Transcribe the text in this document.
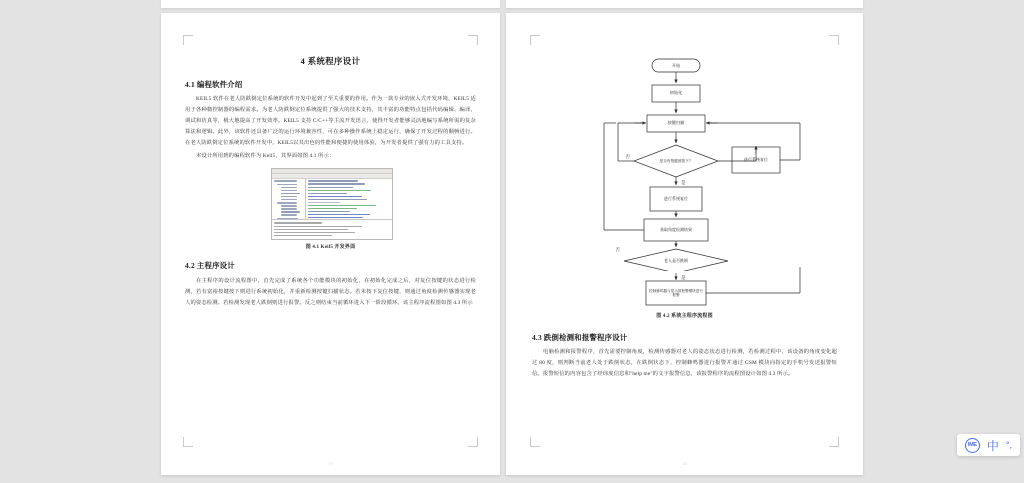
4 系统程序设计
4.1 编程软件介绍

KEIL5 软件在老人防跌倒定位系统的软件开发中起到了至关重要的作用。作为一款专业的嵌入式开发环境，KEIL5 适用于各种微控制器的编程需求。为老人防跌倒定位系统提供了强大的技术支持，其丰富的功能特点包括代码编辑、编译、调试和仿真等，极大地提高了开发效率。KEIL5 支持 C/C++等主流开发语言，使得开发者能够灵活地编写系统所需的复杂算法和逻辑。此外，该软件还具备广泛的运行环境兼容性，可在多种操作系统上稳定运行，确保了开发过程的顺畅进行。在老人防跌倒定位系统的软件开发中，KEIL5以其出色的性能和便捷的使用体验，为开发者提供了强有力的工具支持。

本设计所用到的编程软件为 Keil5，其界面如图 4.1 所示：

图 4.1 Keil5 开发界面
4.2 主程序设计

在主程序的设计流程图中，首先完成了系统各个功能模块的初始化，在初始化完成之后，对复位按键的状态进行检测，若有富裕按键按下则进行系统初始化，并重新检测按键扫描状态。若未按下复位按键，则通过角度检测传感器实现老人的姿态检测。若检测发现老人跌倒则进行报警。反之则结束当前循环进入下一阶段循环。该主程序流程图如图 4.3 所示

15
否
是
开始
初始化
按键扫描
是否有按键被按下？	进行系统复位
进行系统复位
获取角度检测结果
老人是否跌倒
否
是
控制蜂鸣器与显示屏报警模块进行报警
图 4.2 系统主程序流程图
4.3 跌倒检测和报警程序设计

电脑检测和报警程序，首先需要控制角度，检测传感器对老人的姿态状态进行检测，若检测过程中，该设备的角度变化超过 80 度，则判断当前老人处于跌倒状态，在跌倒状态下，控制蜂鸣器进行报警并通过 GSM 模块向指定的手机号发送报警短信。报警短信的内容包含了经纬度信息和"help me"的文字报警信息，该报警程序的流程图设计如图 4.3 所示。

16
IME 中 °,
